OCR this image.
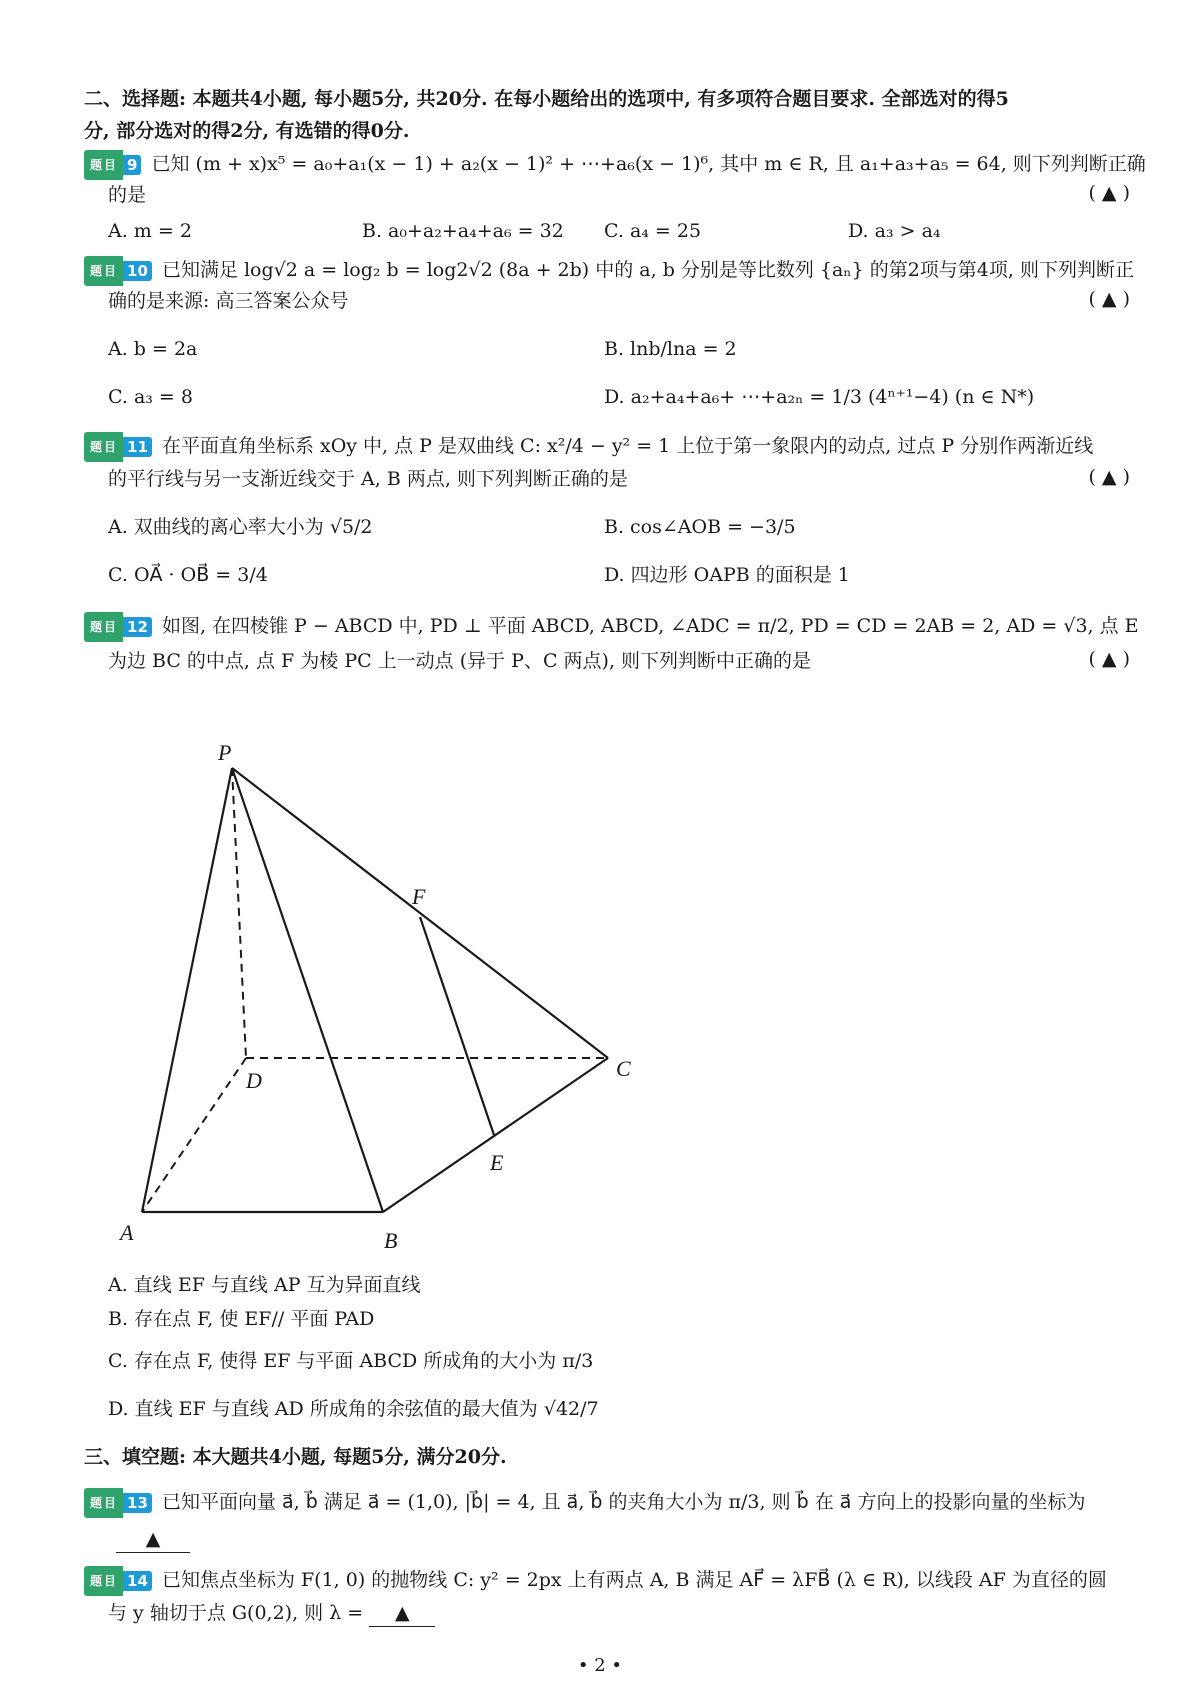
二、选择题: 本题共4小题, 每小题5分, 共20分. 在每小题给出的选项中, 有多项符合题目要求. 全部选对的得5
分, 部分选对的得2分, 有选错的得0分.
题目 9 已知 (m + x)x⁵ = a₀+a₁(x − 1) + a₂(x − 1)² + ⋯+a₆(x − 1)⁶, 其中 m ∈ R, 且 a₁+a₃+a₅ = 64, 则下列判断正确
的是	( ▲ )
A. m = 2	B. a₀+a₂+a₄+a₆ = 32 C. a₄ = 25	D. a₃ > a₄
题目 10 已知满足 log√2 a = log₂ b = log2√2 (8a + 2b) 中的 a, b 分别是等比数列 {aₙ} 的第2项与第4项, 则下列判断正
确的是来源: 高三答案公众号	( ▲ )
A. b = 2a	B. lnb/lna = 2
C. a₃ = 8	D. a₂+a₄+a₆+ ⋯+a₂ₙ = 1/3 (4ⁿ⁺¹−4) (n ∈ N*)
题目 11 在平面直角坐标系 xOy 中, 点 P 是双曲线 C: x²/4 − y² = 1 上位于第一象限内的动点, 过点 P 分别作两渐近线
的平行线与另一支渐近线交于 A, B 两点, 则下列判断正确的是	( ▲ )
A. 双曲线的离心率大小为 √5/2	B. cos∠AOB = −3/5
C. OA⃗ · OB⃗ = 3/4	D. 四边形 OAPB 的面积是 1
题目 12 如图, 在四棱锥 P − ABCD 中, PD ⊥ 平面 ABCD, ABCD, ∠ADC = π/2, PD = CD = 2AB = 2, AD = √3, 点 E
为边 BC 的中点, 点 F 为棱 PC 上一动点 (异于 P、C 两点), 则下列判断中正确的是	( ▲ )
P
F
C
D
E
A	B
A. 直线 EF 与直线 AP 互为异面直线
B. 存在点 F, 使 EF// 平面 PAD
C. 存在点 F, 使得 EF 与平面 ABCD 所成角的大小为 π/3
D. 直线 EF 与直线 AD 所成角的余弦值的最大值为 √42/7
三、填空题: 本大题共4小题, 每题5分, 满分20分.
题目 13 已知平面向量 a⃗, b⃗ 满足 a⃗ = (1,0), |b⃗| = 4, 且 a⃗, b⃗ 的夹角大小为 π/3, 则 b⃗ 在 a⃗ 方向上的投影向量的坐标为
▲
题目 14 已知焦点坐标为 F(1, 0) 的抛物线 C: y² = 2px 上有两点 A, B 满足 AF⃗ = λFB⃗ (λ ∈ R), 以线段 AF 为直径的圆
与 y 轴切于点 G(0,2), 则 λ = ▲
• 2 •
